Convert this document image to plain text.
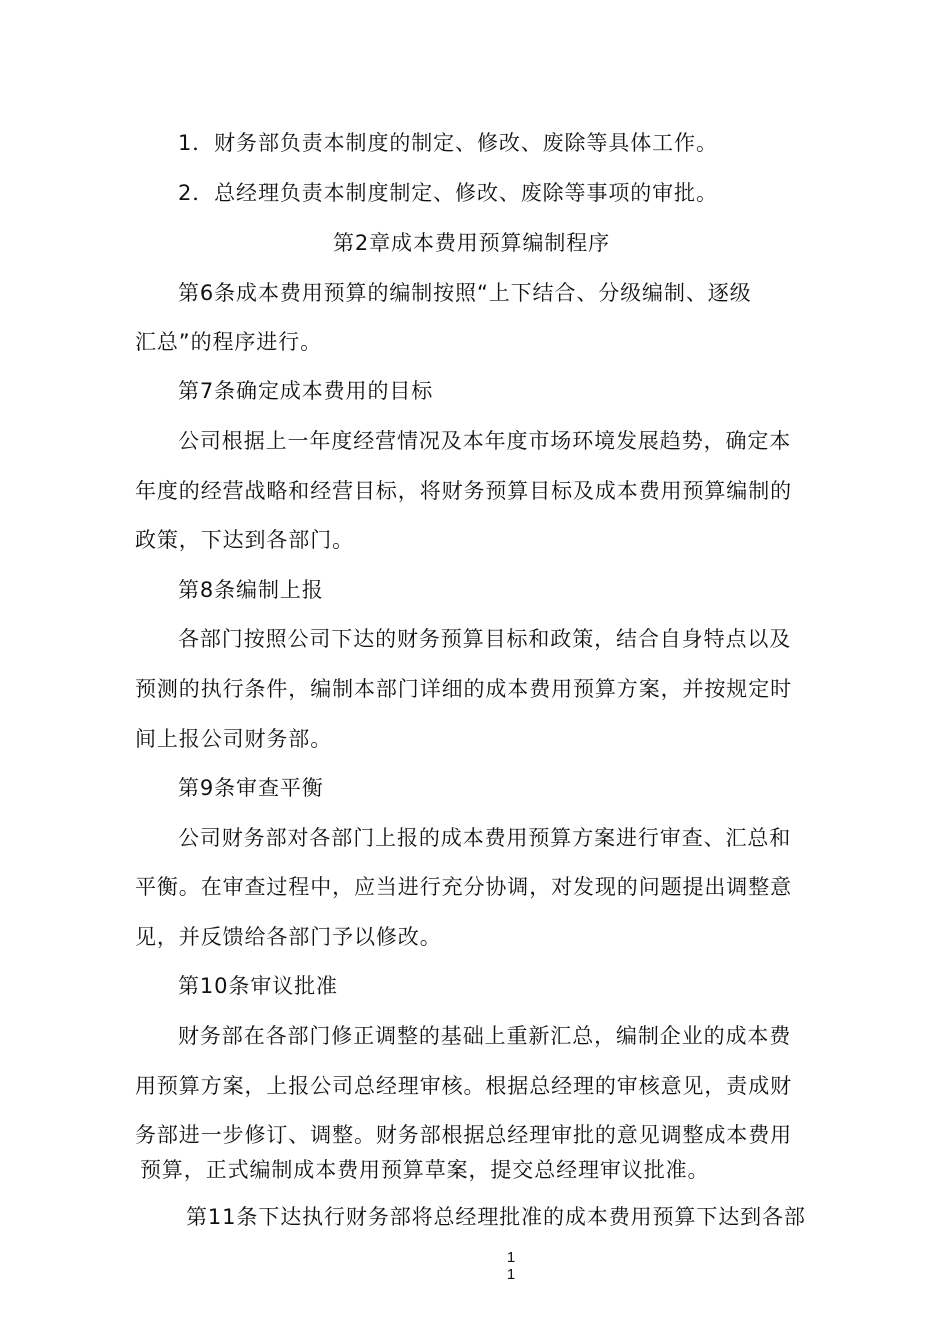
1．财务部负责本制度的制定、修改、废除等具体工作。
2．总经理负责本制度制定、修改、废除等事项的审批。
第2章成本费用预算编制程序
第6条成本费用预算的编制按照“上下结合、分级编制、逐级
汇总”的程序进行。
第7条确定成本费用的目标
公司根据上一年度经营情况及本年度市场环境发展趋势，确定本
年度的经营战略和经营目标，将财务预算目标及成本费用预算编制的
政策，下达到各部门。
第8条编制上报
各部门按照公司下达的财务预算目标和政策，结合自身特点以及
预测的执行条件，编制本部门详细的成本费用预算方案，并按规定时
间上报公司财务部。
第9条审查平衡
公司财务部对各部门上报的成本费用预算方案进行审查、汇总和
平衡。在审查过程中，应当进行充分协调，对发现的问题提出调整意
见，并反馈给各部门予以修改。
第10条审议批准
财务部在各部门修正调整的基础上重新汇总，编制企业的成本费
用预算方案，上报公司总经理审核。根据总经理的审核意见，责成财
务部进一步修订、调整。财务部根据总经理审批的意见调整成本费用
预算，正式编制成本费用预算草案，提交总经理审议批准。
第11条下达执行财务部将总经理批准的成本费用预算下达到各部
1
1
